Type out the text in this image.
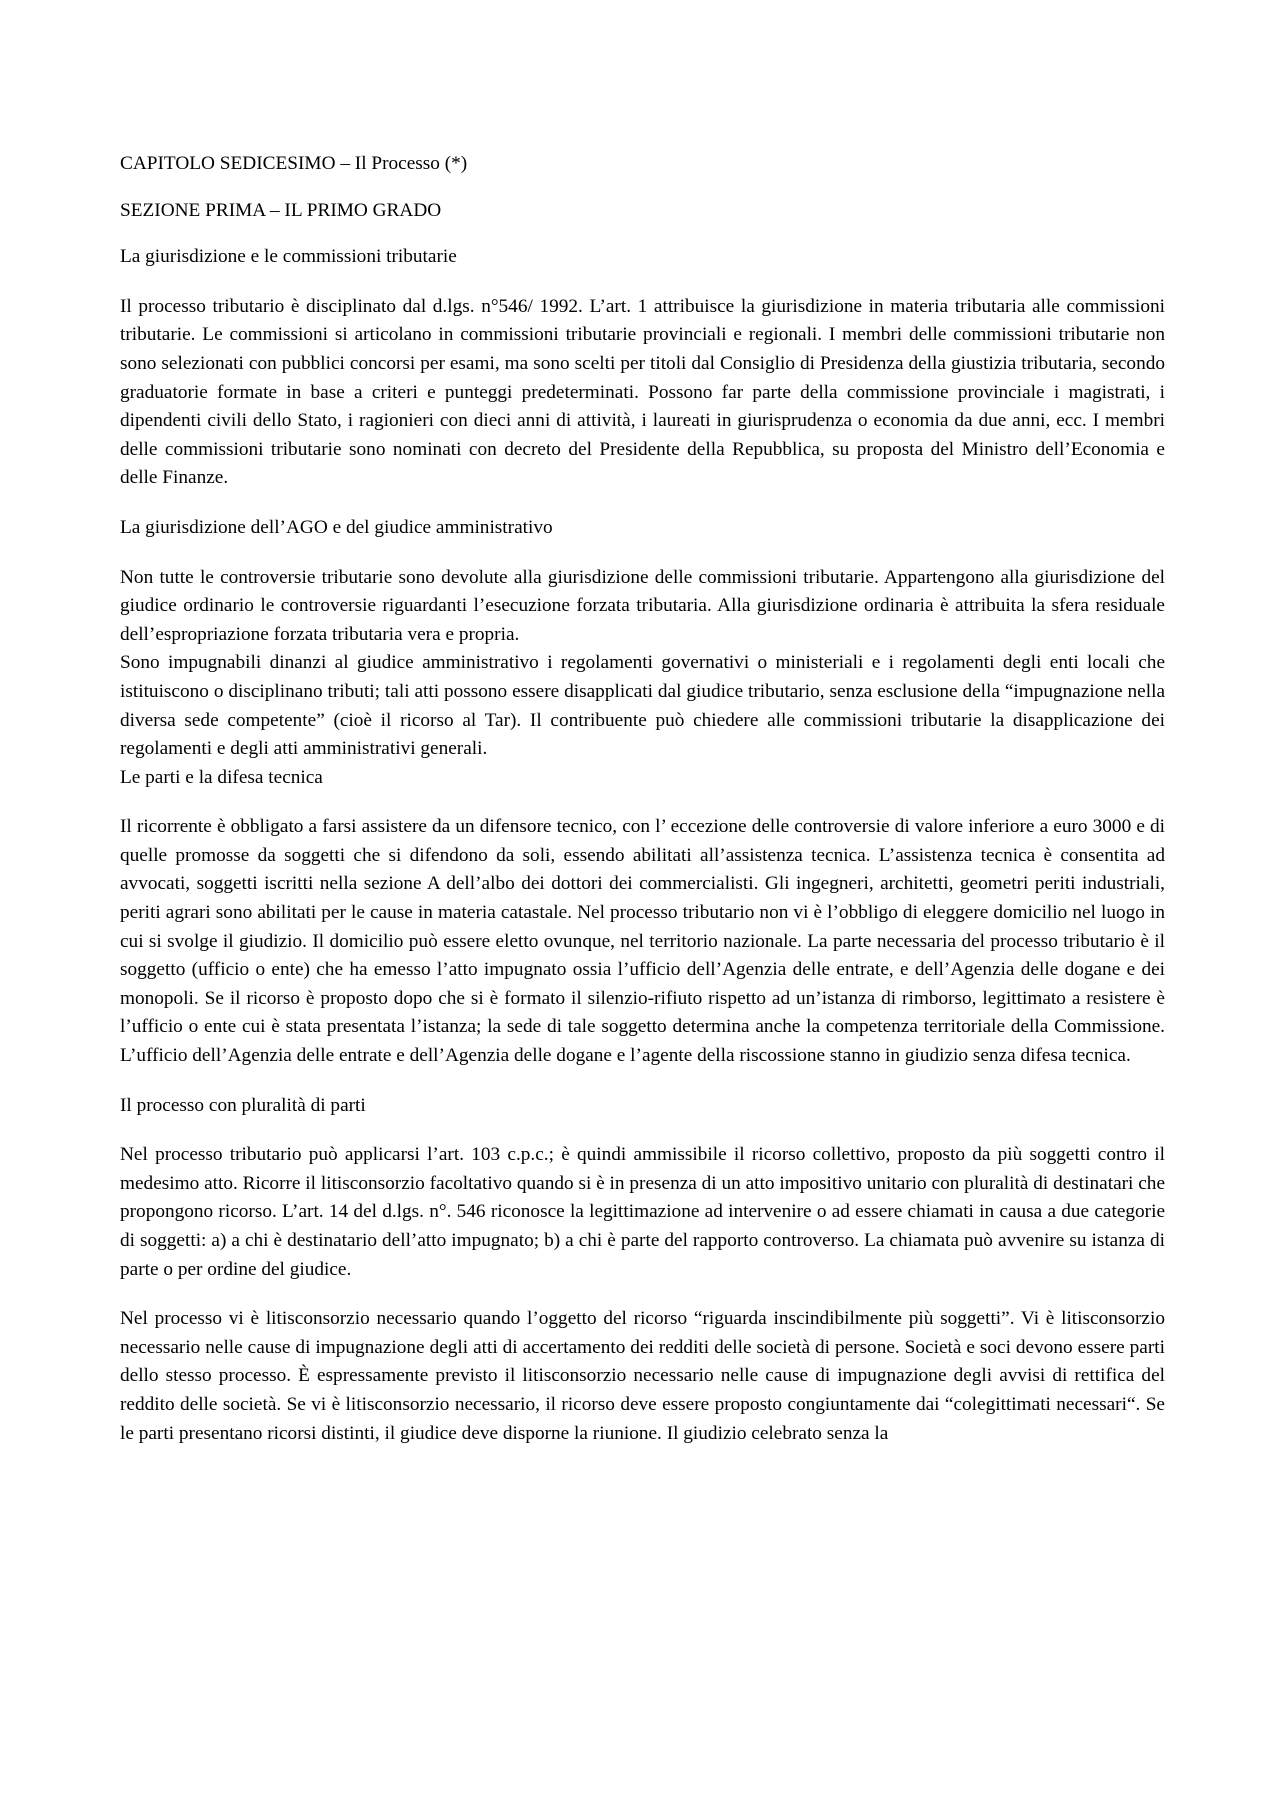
CAPITOLO SEDICESIMO – Il Processo (*)

SEZIONE PRIMA – IL PRIMO GRADO

La giurisdizione e le commissioni tributarie

Il processo tributario è disciplinato dal d.lgs. n°546/ 1992. L’art. 1 attribuisce la giurisdizione in materia tributaria alle commissioni tributarie. Le commissioni si articolano in commissioni tributarie provinciali e regionali. I membri delle commissioni tributarie non sono selezionati con pubblici concorsi per esami, ma sono scelti per titoli dal Consiglio di Presidenza della giustizia tributaria, secondo graduatorie formate in base a criteri e punteggi predeterminati. Possono far parte della commissione provinciale i magistrati, i dipendenti civili dello Stato, i ragionieri con dieci anni di attività, i laureati in giurisprudenza o economia da due anni, ecc. I membri delle commissioni tributarie sono nominati con decreto del Presidente della Repubblica, su proposta del Ministro dell’Economia e delle Finanze.

La giurisdizione dell’AGO e del giudice amministrativo

Non tutte le controversie tributarie sono devolute alla giurisdizione delle commissioni tributarie. Appartengono alla giurisdizione del giudice ordinario le controversie riguardanti l’esecuzione forzata tributaria. Alla giurisdizione ordinaria è attribuita la sfera residuale dell’espropriazione forzata tributaria vera e propria.

Sono impugnabili dinanzi al giudice amministrativo i regolamenti governativi o ministeriali e i regolamenti degli enti locali che istituiscono o disciplinano tributi; tali atti possono essere disapplicati dal giudice tributario, senza esclusione della “impugnazione nella diversa sede competente” (cioè il ricorso al Tar). Il contribuente può chiedere alle commissioni tributarie la disapplicazione dei regolamenti e degli atti amministrativi generali.

Le parti e la difesa tecnica

Il ricorrente è obbligato a farsi assistere da un difensore tecnico, con l’ eccezione delle controversie di valore inferiore a euro 3000 e di quelle promosse da soggetti che si difendono da soli, essendo abilitati all’assistenza tecnica. L’assistenza tecnica è consentita ad avvocati, soggetti iscritti nella sezione A dell’albo dei dottori dei commercialisti. Gli ingegneri, architetti, geometri periti industriali, periti agrari sono abilitati per le cause in materia catastale. Nel processo tributario non vi è l’obbligo di eleggere domicilio nel luogo in cui si svolge il giudizio. Il domicilio può essere eletto ovunque, nel territorio nazionale. La parte necessaria del processo tributario è il soggetto (ufficio o ente) che ha emesso l’atto impugnato ossia l’ufficio dell’Agenzia delle entrate, e dell’Agenzia delle dogane e dei monopoli. Se il ricorso è proposto dopo che si è formato il silenzio-rifiuto rispetto ad un’istanza di rimborso, legittimato a resistere è l’ufficio o ente cui è stata presentata l’istanza; la sede di tale soggetto determina anche la competenza territoriale della Commissione. L’ufficio dell’Agenzia delle entrate e dell’Agenzia delle dogane e l’agente della riscossione stanno in giudizio senza difesa tecnica.

Il processo con pluralità di parti

Nel processo tributario può applicarsi l’art. 103 c.p.c.; è quindi ammissibile il ricorso collettivo, proposto da più soggetti contro il medesimo atto. Ricorre il litisconsorzio facoltativo quando si è in presenza di un atto impositivo unitario con pluralità di destinatari che propongono ricorso. L’art. 14 del d.lgs. n°. 546 riconosce la legittimazione ad intervenire o ad essere chiamati in causa a due categorie di soggetti: a) a chi è destinatario dell’atto impugnato; b) a chi è parte del rapporto controverso. La chiamata può avvenire su istanza di parte o per ordine del giudice.

Nel processo vi è litisconsorzio necessario quando l’oggetto del ricorso “riguarda inscindibilmente più soggetti”. Vi è litisconsorzio necessario nelle cause di impugnazione degli atti di accertamento dei redditi delle società di persone. Società e soci devono essere parti dello stesso processo. È espressamente previsto il litisconsorzio necessario nelle cause di impugnazione degli avvisi di rettifica del reddito delle società. Se vi è litisconsorzio necessario, il ricorso deve essere proposto congiuntamente dai “colegittimati necessari“. Se le parti presentano ricorsi distinti, il giudice deve disporne la riunione. Il giudizio celebrato senza la
